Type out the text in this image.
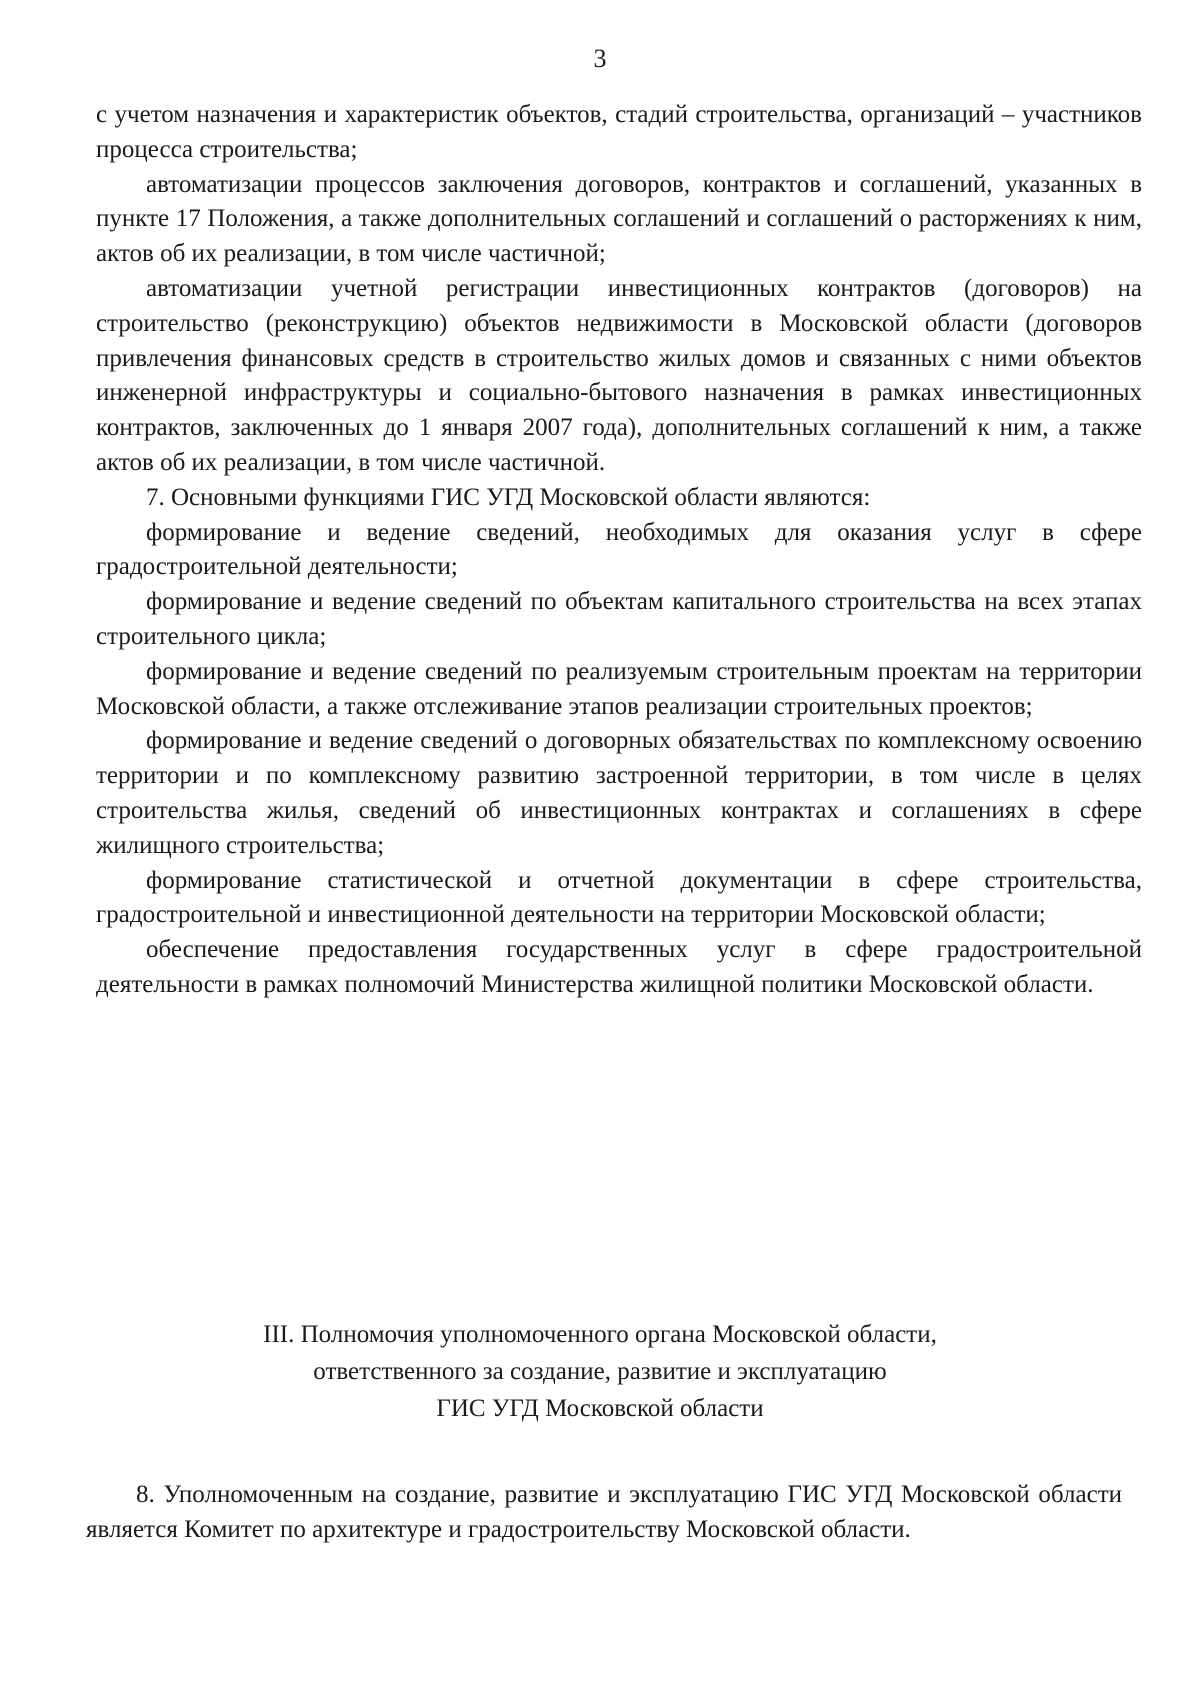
3

с учетом назначения и характеристик объектов, стадий строительства, организаций – участников процесса строительства;

автоматизации процессов заключения договоров, контрактов и соглашений, указанных в пункте 17 Положения, а также дополнительных соглашений и соглашений о расторжениях к ним, актов об их реализации, в том числе частичной;

автоматизации учетной регистрации инвестиционных контрактов (договоров) на строительство (реконструкцию) объектов недвижимости в Московской области (договоров привлечения финансовых средств в строительство жилых домов и связанных с ними объектов инженерной инфраструктуры и социально-бытового назначения в рамках инвестиционных контрактов, заключенных до 1 января 2007 года), дополнительных соглашений к ним, а также актов об их реализации, в том числе частичной.

7. Основными функциями ГИС УГД Московской области являются:

формирование и ведение сведений, необходимых для оказания услуг в сфере градостроительной деятельности;

формирование и ведение сведений по объектам капитального строительства на всех этапах строительного цикла;

формирование и ведение сведений по реализуемым строительным проектам на территории Московской области, а также отслеживание этапов реализации строительных проектов;

формирование и ведение сведений о договорных обязательствах по комплексному освоению территории и по комплексному развитию застроенной территории, в том числе в целях строительства жилья, сведений об инвестиционных контрактах и соглашениях в сфере жилищного строительства;

формирование статистической и отчетной документации в сфере строительства, градостроительной и инвестиционной деятельности на территории Московской области;

обеспечение предоставления государственных услуг в сфере градостроительной деятельности в рамках полномочий Министерства жилищной политики Московской области.

III. Полномочия уполномоченного органа Московской области,
ответственного за создание, развитие и эксплуатацию
ГИС УГД Московской области

8. Уполномоченным на создание, развитие и эксплуатацию ГИС УГД Московской области является Комитет по архитектуре и градостроительству Московской области.
